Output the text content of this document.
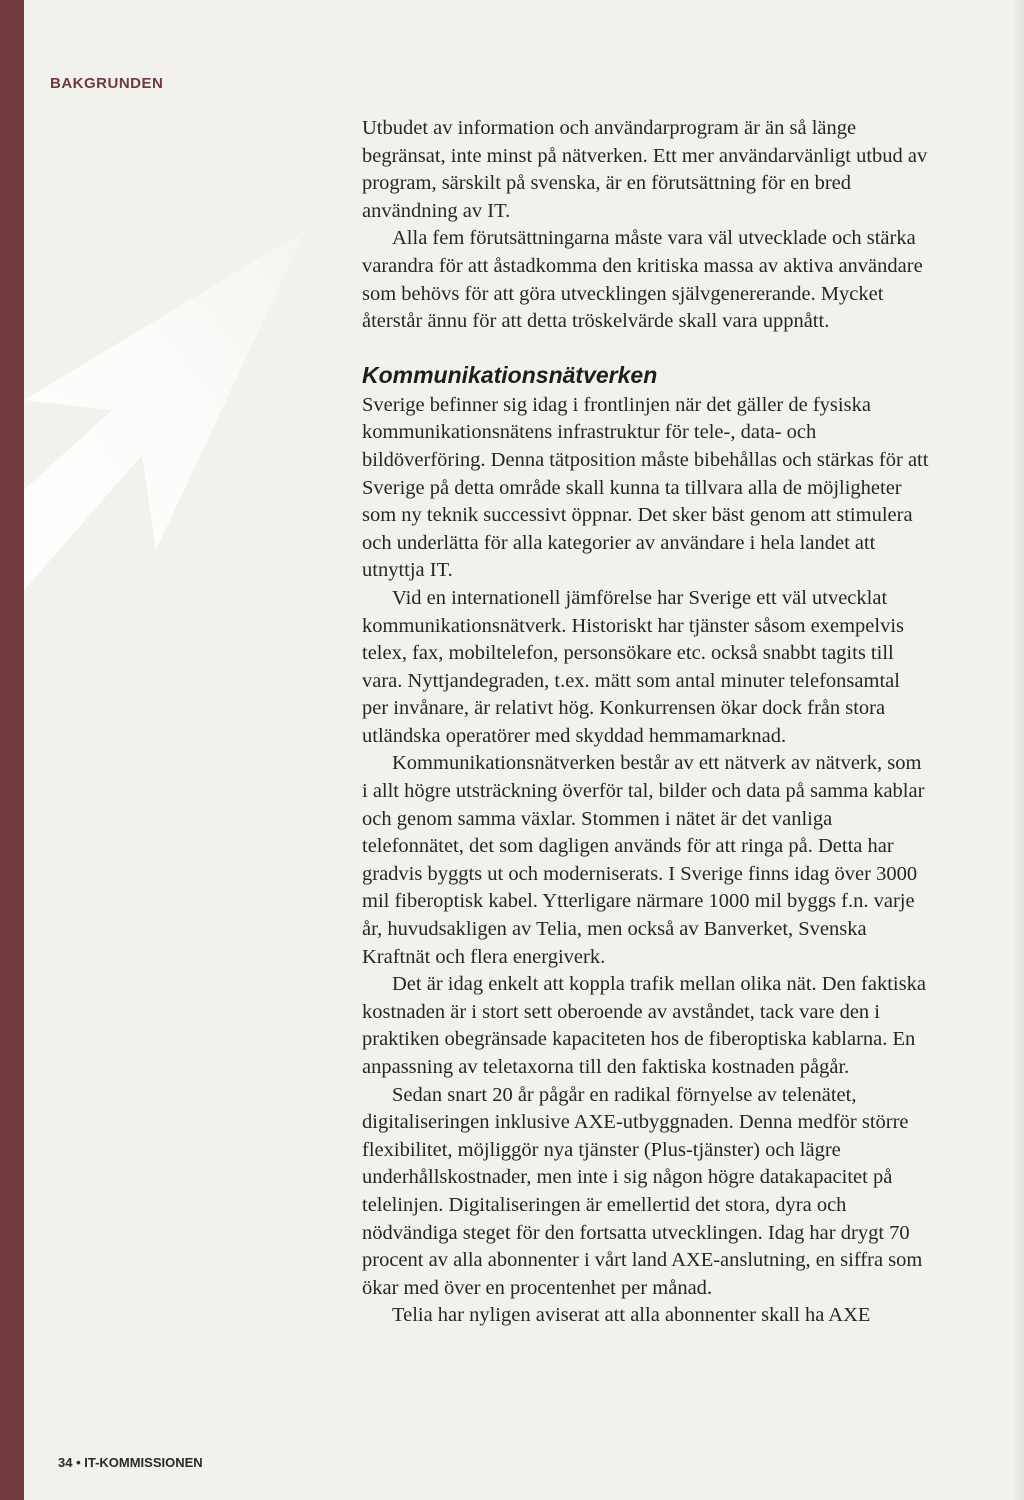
BAKGRUNDEN

Utbudet av information och användarprogram är än så länge begränsat, inte minst på nätverken. Ett mer användarvänligt utbud av program, särskilt på svenska, är en förutsättning för en bred användning av IT.

Alla fem förutsättningarna måste vara väl utvecklade och stärka varandra för att åstadkomma den kritiska massa av aktiva användare som behövs för att göra utvecklingen självgenererande. Mycket återstår ännu för att detta tröskelvärde skall vara uppnått.

Kommunikationsnätverken

Sverige befinner sig idag i frontlinjen när det gäller de fysiska kommunikationsnätens infrastruktur för tele-, data- och bildöverföring. Denna tätposition måste bibehållas och stärkas för att Sverige på detta område skall kunna ta tillvara alla de möjligheter som ny teknik successivt öppnar. Det sker bäst genom att stimulera och underlätta för alla kategorier av användare i hela landet att utnyttja IT.

Vid en internationell jämförelse har Sverige ett väl utvecklat kommunikationsnätverk. Historiskt har tjänster såsom exempelvis telex, fax, mobiltelefon, personsökare etc. också snabbt tagits till vara. Nyttjandegraden, t.ex. mätt som antal minuter telefonsamtal per invånare, är relativt hög. Konkurrensen ökar dock från stora utländska operatörer med skyddad hemmamarknad.

Kommunikationsnätverken består av ett nätverk av nätverk, som i allt högre utsträckning överför tal, bilder och data på samma kablar och genom samma växlar. Stommen i nätet är det vanliga telefonnätet, det som dagligen används för att ringa på. Detta har gradvis byggts ut och moderniserats. I Sverige finns idag över 3000 mil fiberoptisk kabel. Ytterligare närmare 1000 mil byggs f.n. varje år, huvudsakligen av Telia, men också av Banverket, Svenska Kraftnät och flera energiverk.

Det är idag enkelt att koppla trafik mellan olika nät. Den faktiska kostnaden är i stort sett oberoende av avståndet, tack vare den i praktiken obegränsade kapaciteten hos de fiberoptiska kablarna. En anpassning av teletaxorna till den faktiska kostnaden pågår.

Sedan snart 20 år pågår en radikal förnyelse av telenätet, digitaliseringen inklusive AXE-utbyggnaden. Denna medför större flexibilitet, möjliggör nya tjänster (Plus-tjänster) och lägre underhållskostnader, men inte i sig någon högre datakapacitet på telelinjen. Digitaliseringen är emellertid det stora, dyra och nödvändiga steget för den fortsatta utvecklingen. Idag har drygt 70 procent av alla abonnenter i vårt land AXE-anslutning, en siffra som ökar med över en procentenhet per månad.

Telia har nyligen aviserat att alla abonnenter skall ha AXE

34 • IT-KOMMISSIONEN
